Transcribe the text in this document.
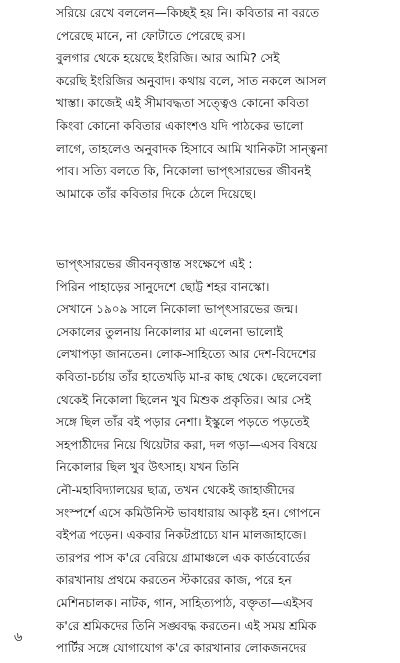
সরিয়ে রেখে বললেন—কিচ্ছই হয় নি। কবিতার না বরতে
পেরেছে মানে, না ফোটাতে পেরেছে রস।
বুলগার থেকে হয়েছে ইংরিজি। আর আমি? সেই
করেছি ইংরিজির অনুবাদ। কথায় বলে, সাত নকলে আসল
খাস্তা। কাজেই এই সীমাবদ্ধতা সত্ত্বেও কোনো কবিতা
কিংবা কোনো কবিতার একাংশও যদি পাঠকের ভালো
লাগে, তাহলেও অনুবাদক হিসাবে আমি খানিকটা সান্ত্বনা
পাব। সত্যি বলতে কি, নিকোলা ভাপ্‌ৎসারভের জীবনই
আমাকে তাঁর কবিতার দিকে ঠেলে দিয়েছে।
ভাপ্‌ৎসারভের জীবনবৃত্তান্ত সংক্ষেপে এই :
পিরিন পাহাড়ের সানুদেশে ছোট্ট শহর বানস্কো।
সেখানে ১৯০৯ সালে নিকোলা ভাপ্‌ৎসারভের জন্ম।
সেকালের তুলনায় নিকোলার মা এলেনা ভালোই
লেখাপড়া জানতেন। লোক-সাহিত্যে আর দেশ-বিদেশের
কবিতা-চর্চায় তাঁর হাতেখড়ি মা-র কাছ থেকে। ছেলেবেলা
থেকেই নিকোলা ছিলেন খুব মিশুক প্রকৃতির। আর সেই
সঙ্গে ছিল তাঁর বই পড়ার নেশা। ইস্কুলে পড়তে পড়তেই
সহপাঠীদের নিয়ে থিয়েটার করা, দল গড়া—এসব বিষয়ে
নিকোলার ছিল খুব উৎসাহ। যখন তিনি
নৌ-মহাবিদ্যালয়ের ছাত্র, তখন থেকেই জাহাজীদের
সংস্পর্শে এসে কমিউনিস্ট ভাবধারায় আকৃষ্ট হন। গোপনে
বইপত্র পড়েন। একবার নিকটপ্রাচ্যে যান মালজাহাজে।
তারপর পাস ক'রে বেরিয়ে গ্রামাঞ্চলে এক কার্ডবোর্ডের
কারখানায় প্রথমে করতেন স্টকারের কাজ, পরে হন
মেশিনচালক। নাটক, গান, সাহিত্যপাঠ, বক্তৃতা—এইসব
ক'রে শ্রমিকদের তিনি সঙ্ঘবদ্ধ করতেন। এই সময় শ্রমিক
পার্টির সঙ্গে যোগাযোগ ক'রে কারখানার লোকজনদের
৬
